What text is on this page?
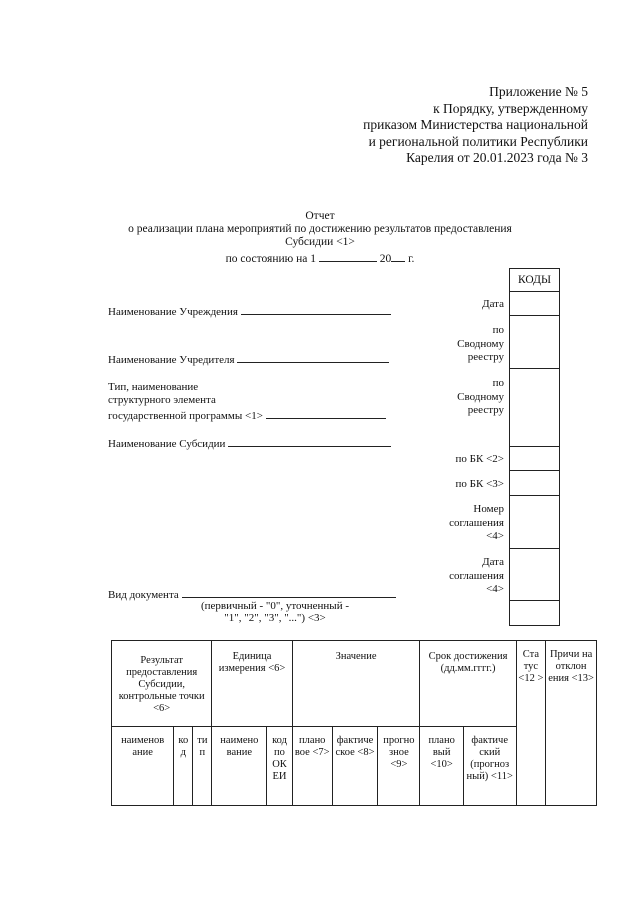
Приложение № 5
к Порядку, утвержденному
приказом Министерства национальной
и региональной политики Республики
Карелия от 20.01.2023 года № 3
Отчет
о реализации плана мероприятий по достижению результатов предоставления
Субсидии <1>
по состоянию на 1	20 г.
Наименование Учреждения
Наименование Учредителя
Тип, наименование
структурного элемента
государственной программы <1>
Наименование Субсидии
Вид документа
(первичный - "0", уточненный -
"1", "2", "3", "...") <3>
Дата
по
Сводному
реестру
по
Сводному
реестру
по БК <2>
по БК <3>
Номер
соглашения
<4>
Дата
соглашения
<4>
КОДЫ
Результат предоставления Субсидии, контрольные точки <6>			Единица измерения <6>		Значение			Срок достижения (дд.мм.гггг.)		Ста тус <12 >	Причи на отклон ения <13>
наименов ание	ко д	ти п	наимено вание	код по ОК ЕИ	плано вое <7>	фактиче ское <8>	прогно зное <9>	плано вый <10>	фактиче ский (прогноз ный) <11>		
